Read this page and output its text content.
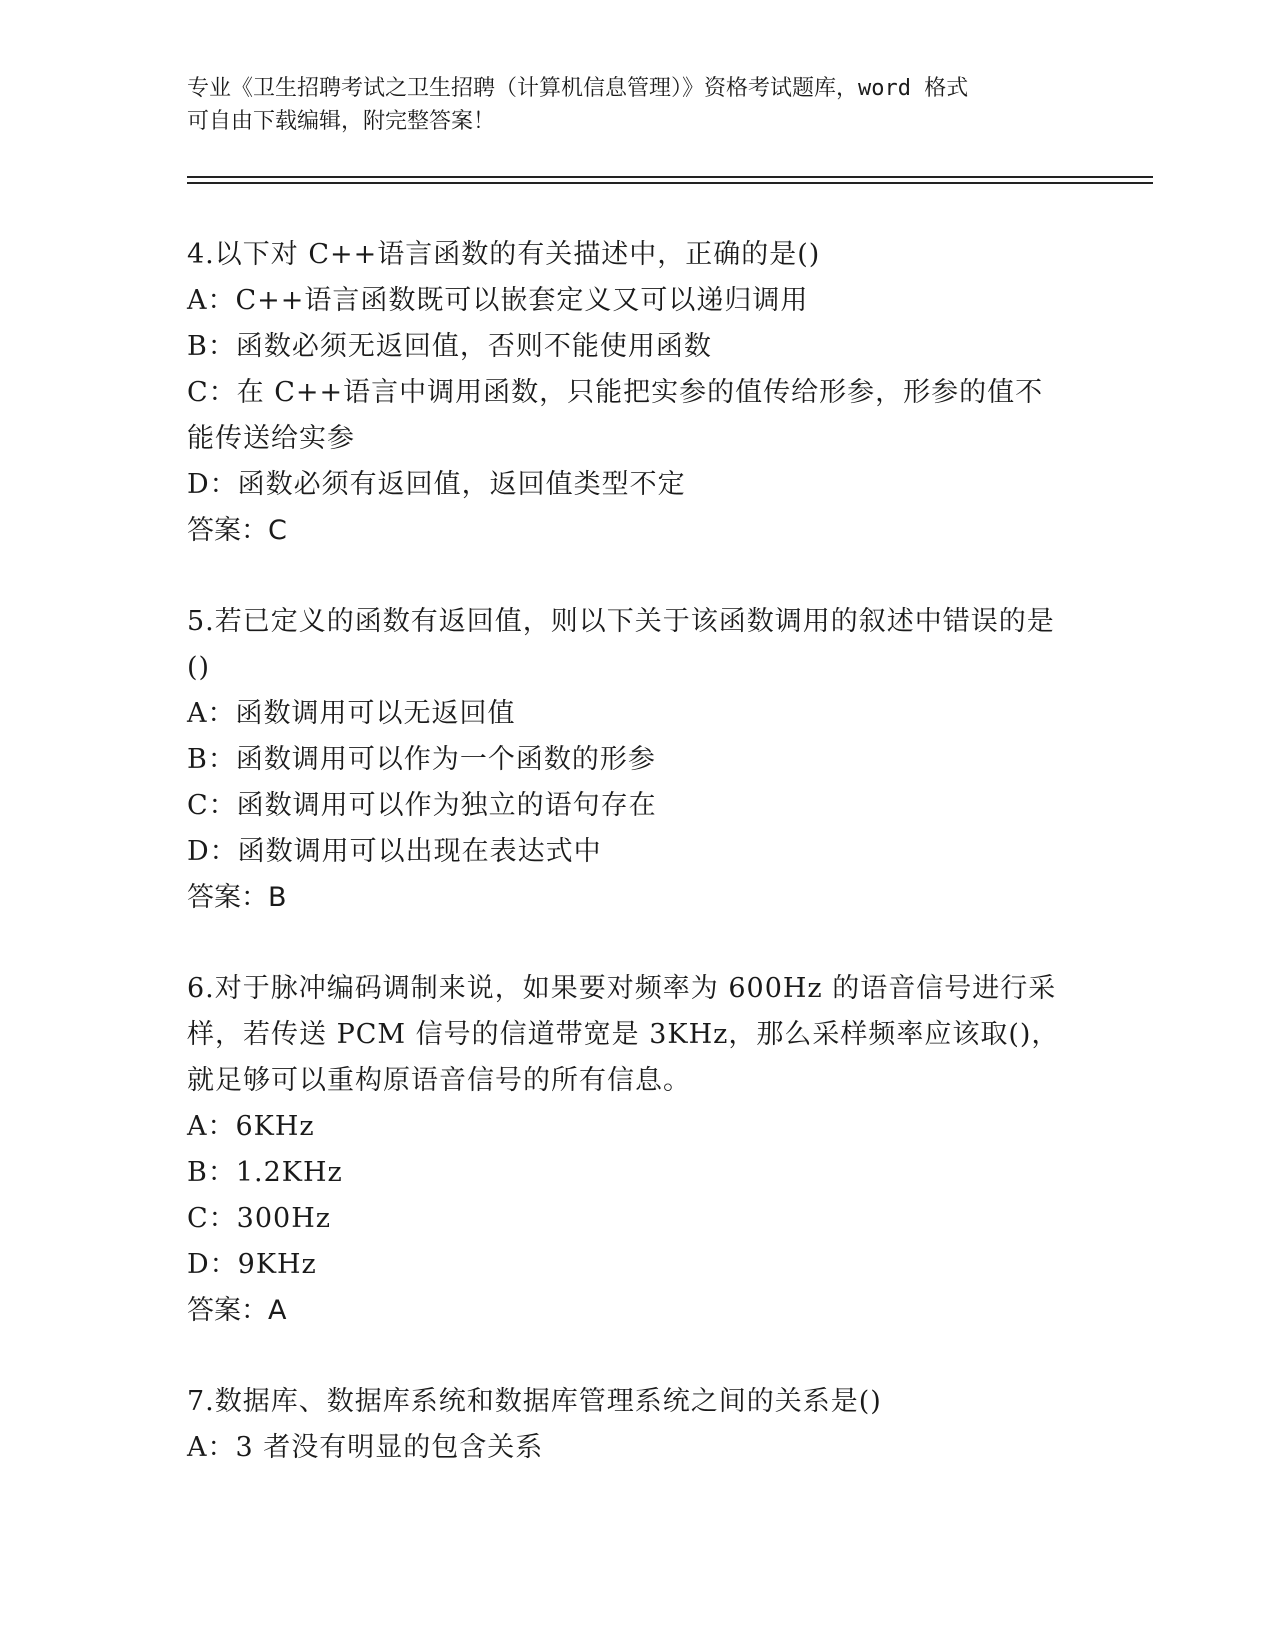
专业《卫生招聘考试之卫生招聘（计算机信息管理）》资格考试题库，word 格式
可自由下载编辑，附完整答案！
4.以下对 C++语言函数的有关描述中，正确的是()
A：C++语言函数既可以嵌套定义又可以递归调用
B：函数必须无返回值，否则不能使用函数
C：在 C++语言中调用函数，只能把实参的值传给形参，形参的值不能传送给实参
D：函数必须有返回值，返回值类型不定
答案：C
5.若已定义的函数有返回值，则以下关于该函数调用的叙述中错误的是()
A：函数调用可以无返回值
B：函数调用可以作为一个函数的形参
C：函数调用可以作为独立的语句存在
D：函数调用可以出现在表达式中
答案：B
6.对于脉冲编码调制来说，如果要对频率为 600Hz 的语音信号进行采样，若传送 PCM 信号的信道带宽是 3KHz，那么采样频率应该取()，就足够可以重构原语音信号的所有信息。
A：6KHz
B：1.2KHz
C：300Hz
D：9KHz
答案：A
7.数据库、数据库系统和数据库管理系统之间的关系是()
A：3 者没有明显的包含关系
